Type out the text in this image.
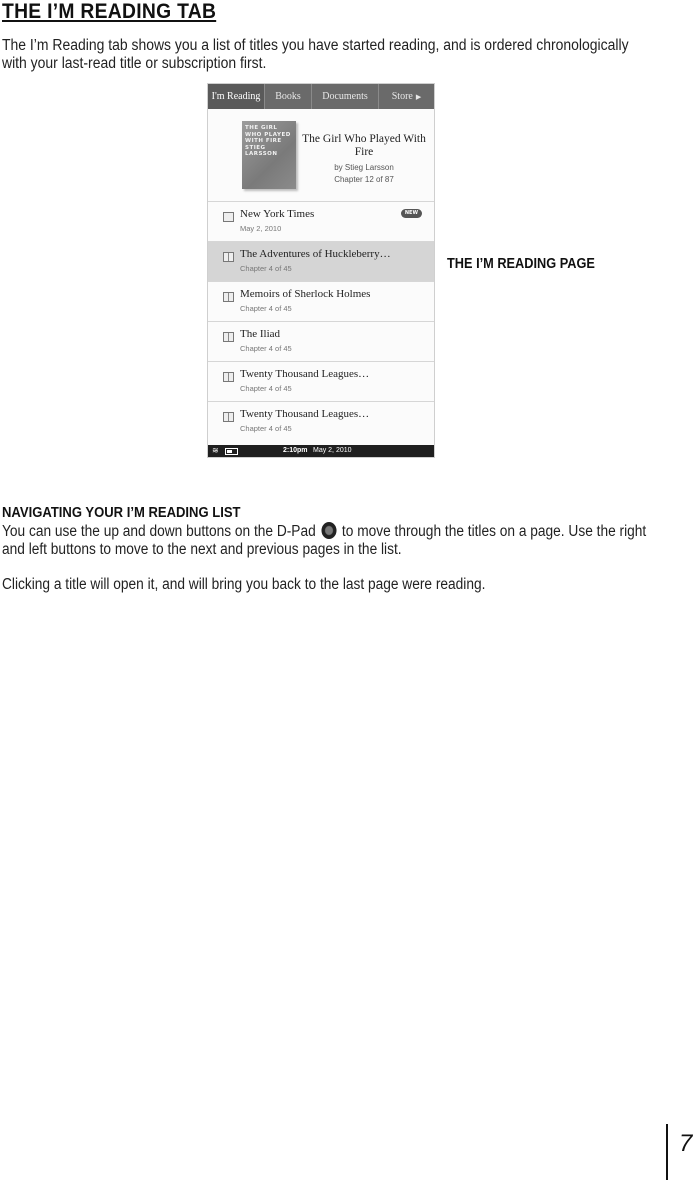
THE I’M READING TAB

The I’m Reading tab shows you a list of titles you have started reading, and is ordered chronologically with your last-read title or subscription first.

I'm Reading	Books	Documents	Store ▶
THE GIRL WHO PLAYED WITH FIRE STIEG LARSSON
The Girl Who Played With Fire
by Stieg Larsson
Chapter 12 of 87
New York Times
May 2, 2010
NEW
The Adventures of Huckleberry…
Chapter 4 of 45
Memoirs of Sherlock Holmes
Chapter 4 of 45
The Iliad
Chapter 4 of 45
Twenty Thousand Leagues…
Chapter 4 of 45
Twenty Thousand Leagues…
Chapter 4 of 45
≋	2:10pm May 2, 2010
THE I’M READING PAGE
NAVIGATING YOUR I’M READING LIST

You can use the up and down buttons on the D-Pad to move through the titles on a page. Use the right and left buttons to move to the next and previous pages in the list.

Clicking a title will open it, and will bring you back to the last page were reading.

7
